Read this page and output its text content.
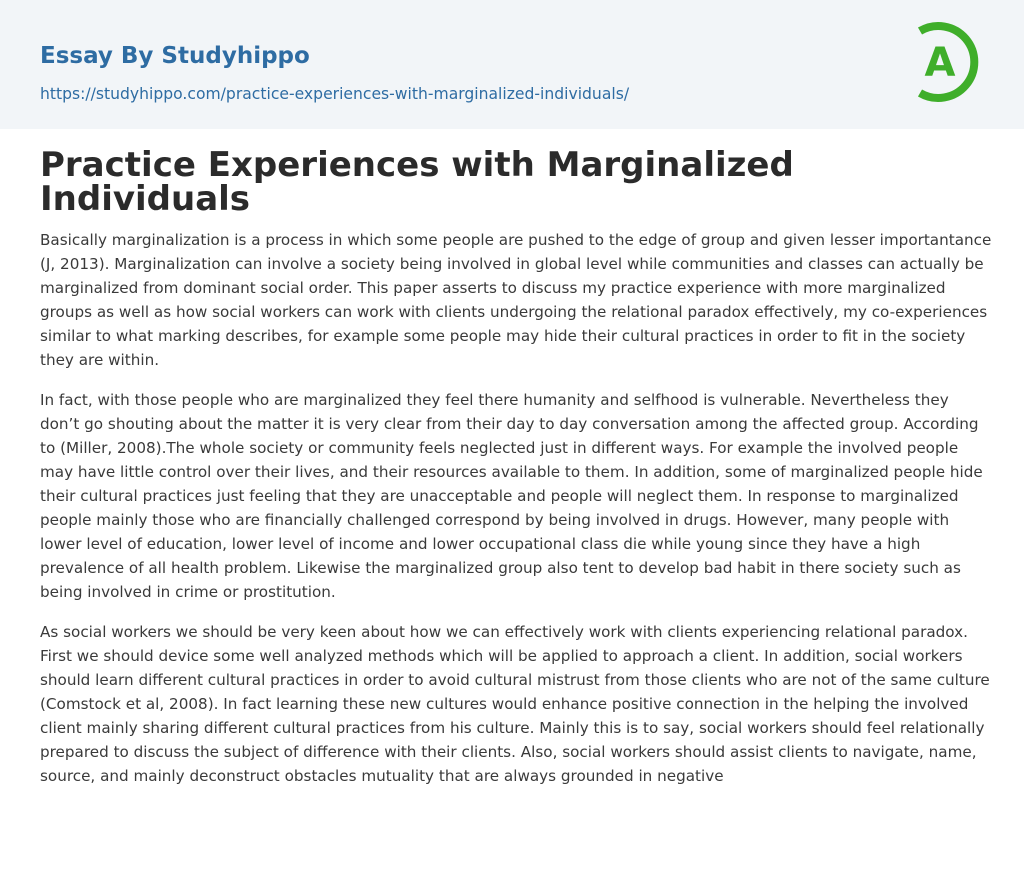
Essay By Studyhippo
https://studyhippo.com/practice-experiences-with-marginalized-individuals/
A
Practice Experiences with Marginalized Individuals

Basically marginalization is a process in which some people are pushed to the edge of group and given lesser importantance (J, 2013). Marginalization can involve a society being involved in global level while communities and classes can actually be marginalized from dominant social order. This paper asserts to discuss my practice experience with more marginalized groups as well as how social workers can work with clients undergoing the relational paradox effectively, my co-experiences similar to what marking describes, for example some people may hide their cultural practices in order to fit in the society they are within.

In fact, with those people who are marginalized they feel there humanity and selfhood is vulnerable. Nevertheless they don’t go shouting about the matter it is very clear from their day to day conversation among the affected group. According to (Miller, 2008).The whole society or community feels neglected just in different ways. For example the involved people may have little control over their lives, and their resources available to them. In addition, some of marginalized people hide their cultural practices just feeling that they are unacceptable and people will neglect them. In response to marginalized people mainly those who are financially challenged correspond by being involved in drugs. However, many people with lower level of education, lower level of income and lower occupational class die while young since they have a high prevalence of all health problem. Likewise the marginalized group also tent to develop bad habit in there society such as being involved in crime or prostitution.

As social workers we should be very keen about how we can effectively work with clients experiencing relational paradox. First we should device some well analyzed methods which will be applied to approach a client. In addition, social workers should learn different cultural practices in order to avoid cultural mistrust from those clients who are not of the same culture (Comstock et al, 2008). In fact learning these new cultures would enhance positive connection in the helping the involved client mainly sharing different cultural practices from his culture. Mainly this is to say, social workers should feel relationally prepared to discuss the subject of difference with their clients. Also, social workers should assist clients to navigate, name, source, and mainly deconstruct obstacles mutuality that are always grounded in negative
